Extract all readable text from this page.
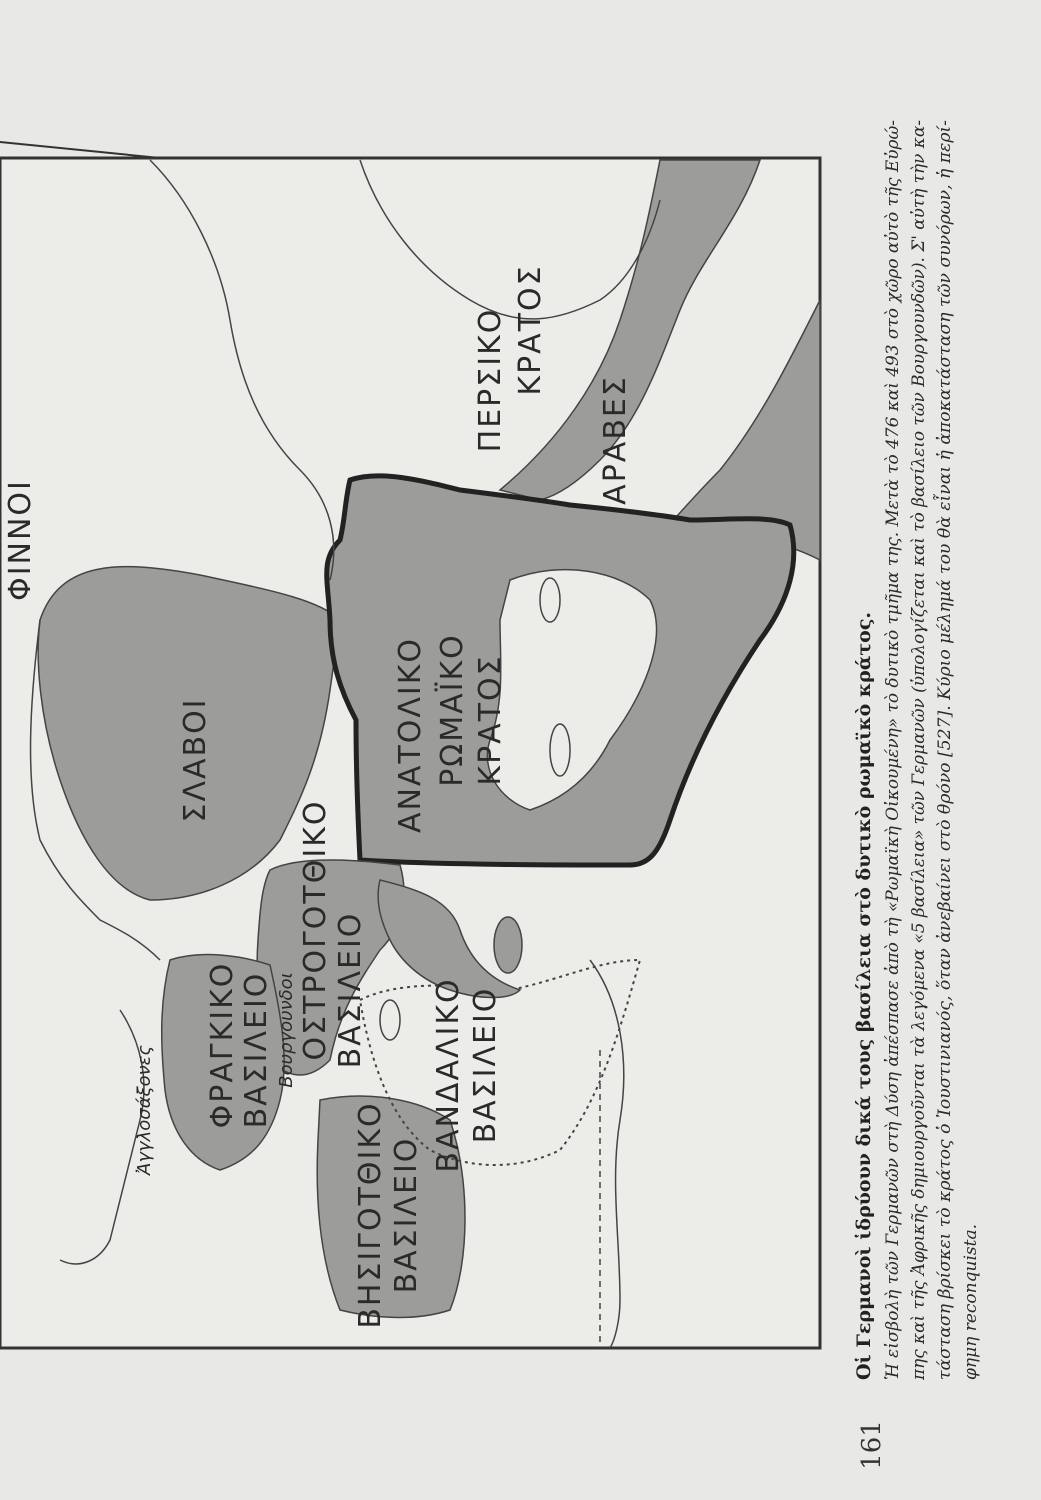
ΦΙΝΝΟΙ
ΣΛΑΒΟΙ
ΠΕΡΣΙΚΟ ΚΡΑΤΟΣ
ΑΡΑΒΕΣ
ΑΝΑΤΟΛΙΚΟ ΡΩΜΑΪΚΟ ΚΡΑΤΟΣ
ΟΣΤΡΟΓΟΤΘΙΚΟ ΒΑΣΙΛΕΙΟ
ΦΡΑΓΚΙΚΟ ΒΑΣΙΛΕΙΟ Βουργουνδοι
Ἀγγλοσάξονες	ΒΑΝΔΑΛΙΚΟ ΒΑΣΙΛΕΙΟ
ΒΗΣΙΓΟΤΘΙΚΟ ΒΑΣΙΛΕΙΟ	Οἱ Γερμανοὶ ἱδρύουν δικά τους βασίλεια στὸ δυτικὸ ρωμαϊκὸ κράτος. Ἡ εἰσβολὴ τῶν Γερμανῶν στὴ Δύση ἀπέσπασε ἀπὸ τὴ «Ρωμαϊκὴ Οἰκουμένη» τὸ δυτικὸ τμῆμα της. Μετὰ τὸ 476 καὶ 493 στὸ χῶρο αὐτὸ τῆς Εὐρώ- πης καὶ τῆς Ἀφρικῆς δημιουργοῦνται τὰ λεγόμενα «5 βασίλεια» τῶν Γερμανῶν (ὑπολογίζεται καὶ τὸ βασίλειο τῶν Βουργουνδῶν). Σ' αὐτὴ τὴν κα- τάσταση βρίσκει τὸ κράτος ὁ Ἰουστινιανός, ὅταν ἀνεβαίνει στὸ θρόνο [527]. Κύριο μέλημά του θὰ εἶναι ἡ ἀποκατάσταση τῶν συνόρων, ἡ περί- φημη reconquista.
161
